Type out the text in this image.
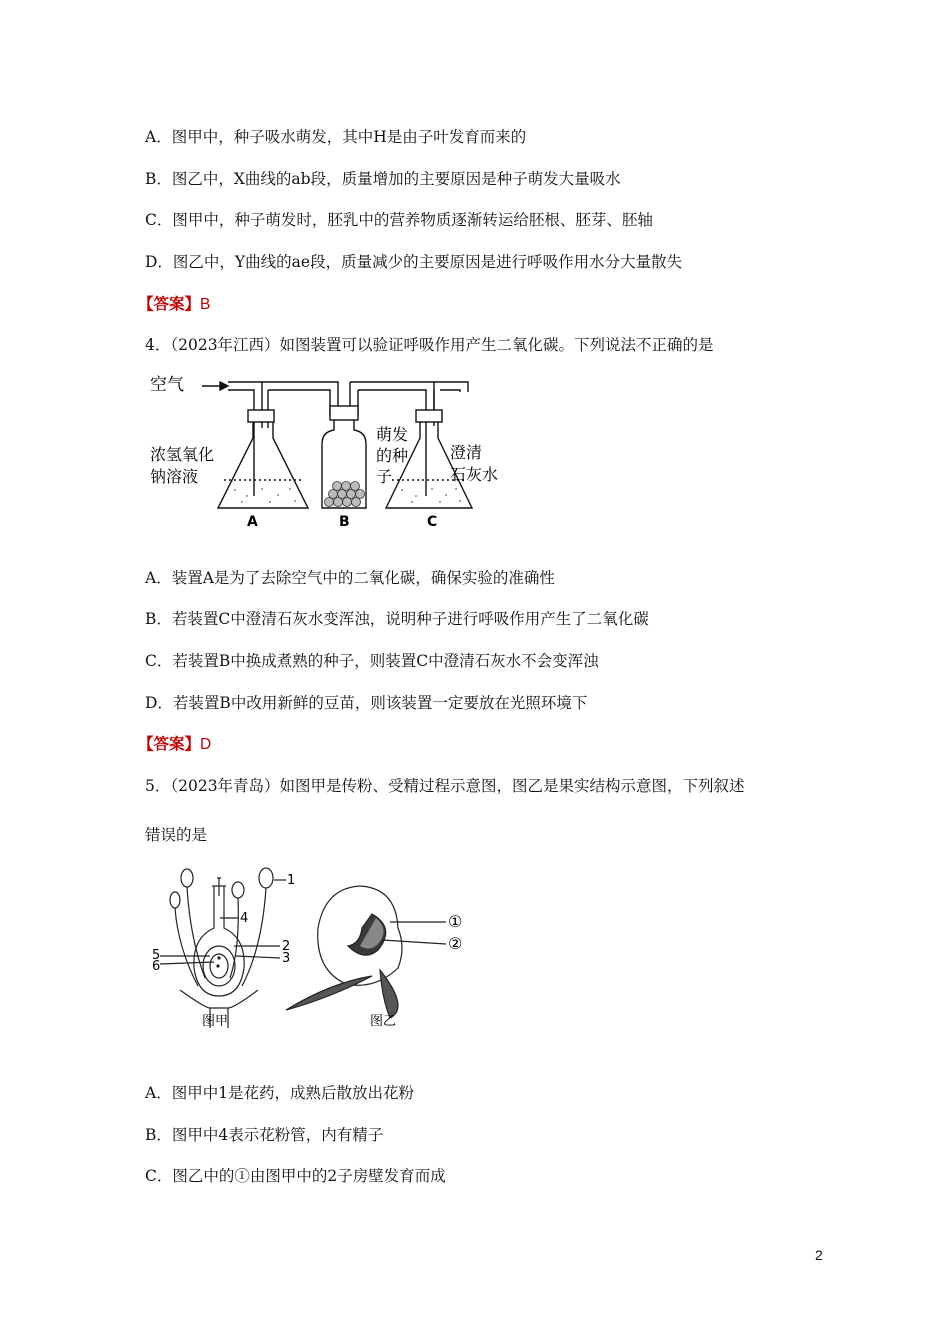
A．图甲中，种子吸水萌发，其中H是由子叶发育而来的
B．图乙中，X曲线的ab段，质量增加的主要原因是种子萌发大量吸水
C．图甲中，种子萌发时，胚乳中的营养物质逐渐转运给胚根、胚芽、胚轴
D．图乙中，Y曲线的ae段，质量减少的主要原因是进行呼吸作用水分大量散失
【答案】B
4．（2023年江西）如图装置可以验证呼吸作用产生二氧化碳。下列说法不正确的是
空气
浓氢氧化
钠溶液
萌发
的种
子
澄清
石灰水
A	B	C
A．装置A是为了去除空气中的二氧化碳，确保实验的准确性
B．若装置C中澄清石灰水变浑浊，说明种子进行呼吸作用产生了二氧化碳
C．若装置B中换成煮熟的种子，则装置C中澄清石灰水不会变浑浊
D．若装置B中改用新鲜的豆苗，则该装置一定要放在光照环境下
【答案】D
5．（2023年青岛）如图甲是传粉、受精过程示意图，图乙是果实结构示意图，下列叙述
错误的是
1
2
3
4
5
6
①
②
图甲	图乙
A．图甲中1是花药，成熟后散放出花粉
B．图甲中4表示花粉管，内有精子
C．图乙中的①由图甲中的2子房壁发育而成
2
